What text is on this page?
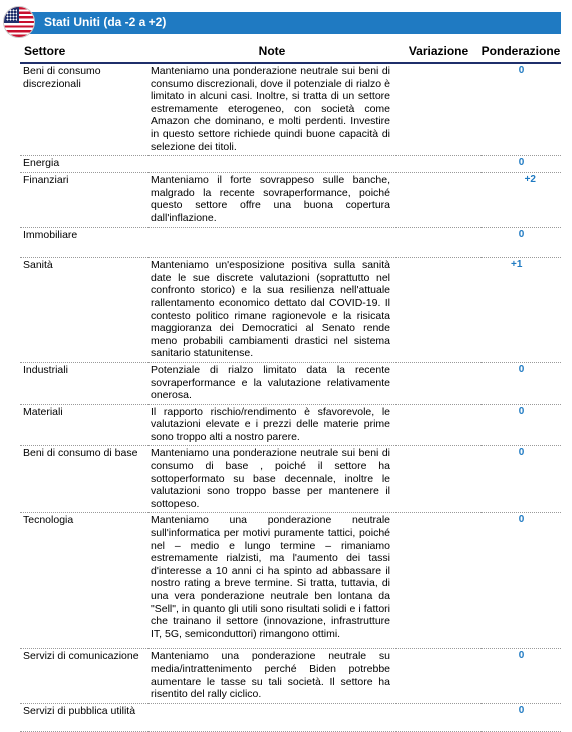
Stati Uniti (da -2 a +2)
Settore	Note	Variazione	Ponderazione
Beni di consumo discrezionali	Manteniamo una ponderazione neutrale sui beni di consumo discrezionali, dove il potenziale di rialzo è limitato in alcuni casi. Inoltre, si tratta di un settore estremamente eterogeneo, con società come Amazon che dominano, e molti perdenti. Investire in questo settore richiede quindi buone capacità di selezione dei titoli.		0
Energia			0
Finanziari	Manteniamo il forte sovrappeso sulle banche, malgrado la recente sovraperformance, poiché questo settore offre una buona copertura dall'inflazione.		+2
Immobiliare			0
Sanità	Manteniamo un'esposizione positiva sulla sanità date le sue discrete valutazioni (soprattutto nel confronto storico) e la sua resilienza nell'attuale rallentamento economico dettato dal COVID-19. Il contesto politico rimane ragionevole e la risicata maggioranza dei Democratici al Senato rende meno probabili cambiamenti drastici nel sistema sanitario statunitense.		+1
Industriali	Potenziale di rialzo limitato data la recente sovraperformance e la valutazione relativamente onerosa.		0
Materiali	Il rapporto rischio/rendimento è sfavorevole, le valutazioni elevate e i prezzi delle materie prime sono troppo alti a nostro parere.		0
Beni di consumo di base	Manteniamo una ponderazione neutrale sui beni di consumo di base , poiché il settore ha sottoperformato su base decennale, inoltre le valutazioni sono troppo basse per mantenere il sottopeso.		0
Tecnologia	Manteniamo una ponderazione neutrale sull'informatica per motivi puramente tattici, poiché nel – medio e lungo termine – rimaniamo estremamente rialzisti, ma l'aumento dei tassi d'interesse a 10 anni ci ha spinto ad abbassare il nostro rating a breve termine. Si tratta, tuttavia, di una vera ponderazione neutrale ben lontana da "Sell", in quanto gli utili sono risultati solidi e i fattori che trainano il settore (innovazione, infrastrutture IT, 5G, semiconduttori) rimangono ottimi.		0
Servizi di comunicazione	Manteniamo una ponderazione neutrale su media/intrattenimento perché Biden potrebbe aumentare le tasse su tali società. Il settore ha risentito del rally ciclico.		0
Servizi di pubblica utilità			0
